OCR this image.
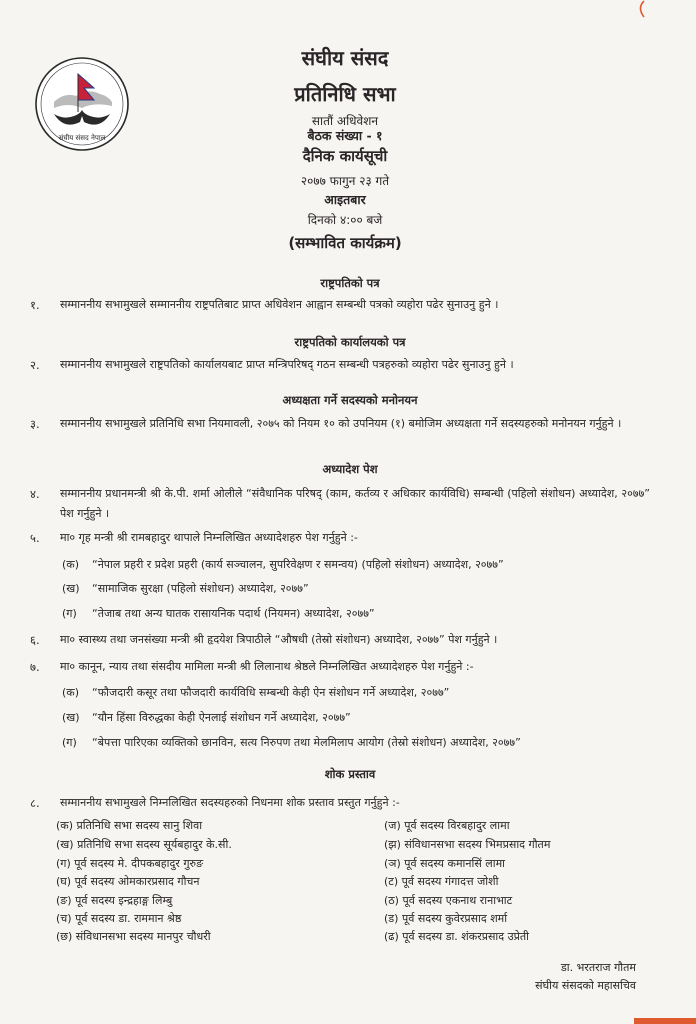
संघीय संसद नेपाल
संघीय संसद
प्रतिनिधि सभा
सातौं अधिवेशन
बैठक संख्या - १
दैनिक कार्यसूची
२०७७ फागुन २३ गते
आइतबार
दिनको ४:०० बजे
(सम्भावित कार्यक्रम)
राष्ट्रपतिको पत्र
१. सम्माननीय सभामुखले सम्माननीय राष्ट्रपतिबाट प्राप्त अधिवेशन आह्वान सम्बन्धी पत्रको व्यहोरा पढेर सुनाउनु हुने ।
राष्ट्रपतिको कार्यालयको पत्र
२. सम्माननीय सभामुखले राष्ट्रपतिको कार्यालयबाट प्राप्त मन्त्रिपरिषद् गठन सम्बन्धी पत्रहरुको व्यहोरा पढेर सुनाउनु हुने ।
अध्यक्षता गर्ने सदस्यको मनोनयन
३. सम्माननीय सभामुखले प्रतिनिधि सभा नियमावली, २०७५ को नियम १० को उपनियम (१) बमोजिम अध्यक्षता गर्ने सदस्यहरुको मनोनयन गर्नुहुने ।
अध्यादेश पेश
४. सम्माननीय प्रधानमन्त्री श्री के.पी. शर्मा ओलीले “संवैधानिक परिषद् (काम, कर्तव्य र अधिकार कार्यविधि) सम्बन्धी (पहिलो संशोधन) अध्यादेश, २०७७” पेश गर्नुहुने ।
५. मा० गृह मन्त्री श्री रामबहादुर थापाले निम्नलिखित अध्यादेशहरु पेश गर्नुहुने :-
(क) “नेपाल प्रहरी र प्रदेश प्रहरी (कार्य सञ्चालन, सुपरिवेक्षण र समन्वय) (पहिलो संशोधन) अध्यादेश, २०७७”
(ख) “सामाजिक सुरक्षा (पहिलो संशोधन) अध्यादेश, २०७७”
(ग) “तेजाब तथा अन्य घातक रासायनिक पदार्थ (नियमन) अध्यादेश, २०७७”
६. मा० स्वास्थ्य तथा जनसंख्या मन्त्री श्री हृदयेश त्रिपाठीले “औषधी (तेस्रो संशोधन) अध्यादेश, २०७७” पेश गर्नुहुने ।
७. मा० कानून, न्याय तथा संसदीय मामिला मन्त्री श्री लिलानाथ श्रेष्ठले निम्नलिखित अध्यादेशहरु पेश गर्नुहुने :-
(क) “फौजदारी कसूर तथा फौजदारी कार्यविधि सम्बन्धी केही ऐन संशोधन गर्ने अध्यादेश, २०७७”
(ख) “यौन हिंसा विरुद्धका केही ऐनलाई संशोधन गर्ने अध्यादेश, २०७७”
(ग) “बेपत्ता पारिएका व्यक्तिको छानविन, सत्य निरुपण तथा मेलमिलाप आयोग (तेस्रो संशोधन) अध्यादेश, २०७७”
शोक प्रस्ताव
८. सम्माननीय सभामुखले निम्नलिखित सदस्यहरुको निधनमा शोक प्रस्ताव प्रस्तुत गर्नुहुने :-
(क) प्रतिनिधि सभा सदस्य सानु शिवा
(ख) प्रतिनिधि सभा सदस्य सूर्यबहादुर के.सी.
(ग) पूर्व सदस्य मे. दीपकबहादुर गुरुङ
(घ) पूर्व सदस्य ओमकारप्रसाद गौचन
(ङ) पूर्व सदस्य इन्द्रहाङ्ग लिम्बु
(च) पूर्व सदस्य डा. राममान श्रेष्ठ
(छ) संविधानसभा सदस्य मानपुर चौधरी
(ज) पूर्व सदस्य विरबहादुर लामा
(झ) संविधानसभा सदस्य भिमप्रसाद गौतम
(ञ) पूर्व सदस्य कमानसिं लामा
(ट) पूर्व सदस्य गंगादत्त जोशी
(ठ) पूर्व सदस्य एकनाथ रानाभाट
(ड) पूर्व सदस्य कुवेरप्रसाद शर्मा
(ढ) पूर्व सदस्य डा. शंकरप्रसाद उप्रेती
डा. भरतराज गौतम
संघीय संसदको महासचिव
